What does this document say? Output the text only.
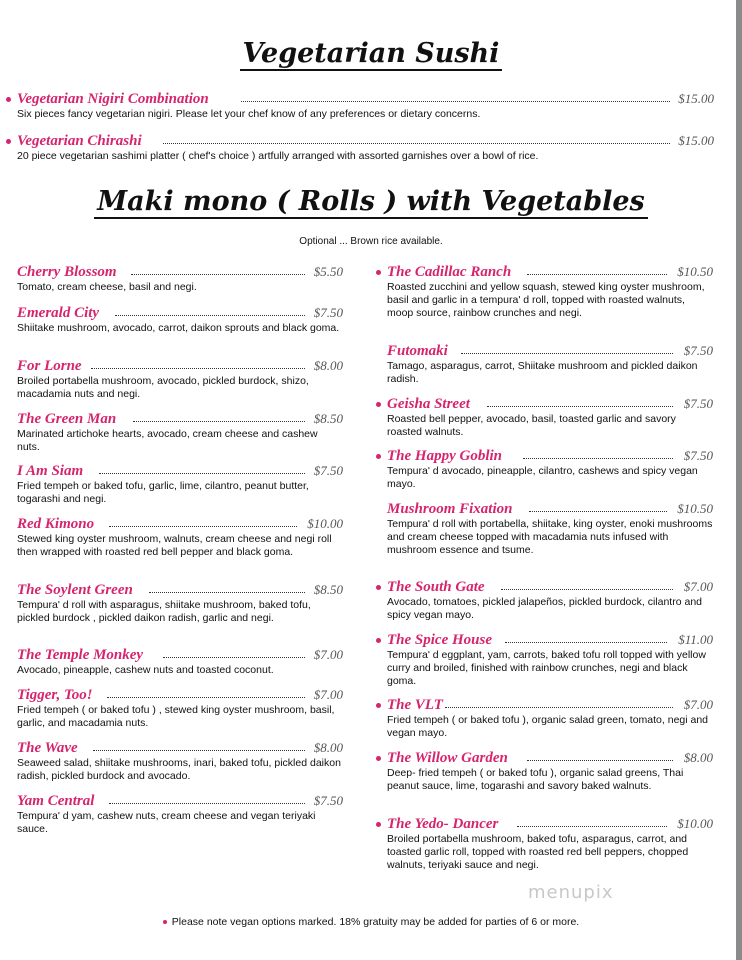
Vegetarian Sushi
Vegetarian Nigiri Combination	$15.00
Six pieces fancy vegetarian nigiri. Please let your chef know of any preferences or dietary concerns.
Vegetarian Chirashi	$15.00
20 piece vegetarian sashimi platter ( chef's choice ) artfully arranged with assorted garnishes over a bowl of rice.
Maki mono ( Rolls ) with Vegetables
Optional ... Brown rice available.
Cherry Blossom	$5.50
Tomato, cream cheese, basil and negi.
Emerald City	$7.50
Shiitake mushroom, avocado, carrot, daikon sprouts and black goma.
For Lorne	$8.00
Broiled portabella mushroom, avocado, pickled burdock, shizo, macadamia nuts and negi.
The Green Man	$8.50
Marinated artichoke hearts, avocado, cream cheese and cashew nuts.
I Am Siam	$7.50
Fried tempeh or baked tofu, garlic, lime, cilantro, peanut butter, togarashi and negi.
Red Kimono	$10.00
Stewed king oyster mushroom, walnuts, cream cheese and negi roll then wrapped with roasted red bell pepper and black goma.
The Soylent Green	$8.50
Tempura' d roll with asparagus, shiitake mushroom, baked tofu, pickled burdock , pickled daikon radish, garlic and negi.
The Temple Monkey	$7.00
Avocado, pineapple, cashew nuts and toasted coconut.
Tigger, Too!	$7.00
Fried tempeh ( or baked tofu ) , stewed king oyster mushroom, basil, garlic, and macadamia nuts.
The Wave	$8.00
Seaweed salad, shiitake mushrooms, inari, baked tofu, pickled daikon radish, pickled burdock and avocado.
Yam Central	$7.50
Tempura' d yam, cashew nuts, cream cheese and vegan teriyaki sauce.
The Cadillac Ranch	$10.50
Roasted zucchini and yellow squash, stewed king oyster mushroom, basil and garlic in a tempura' d roll, topped with roasted walnuts, moop source, rainbow crunches and negi.
Futomaki	$7.50
Tamago, asparagus, carrot, Shiitake mushroom and pickled daikon radish.
Geisha Street	$7.50
Roasted bell pepper, avocado, basil, toasted garlic and savory roasted walnuts.
The Happy Goblin	$7.50
Tempura' d avocado, pineapple, cilantro, cashews and spicy vegan mayo.
Mushroom Fixation	$10.50
Tempura' d roll with portabella, shiitake, king oyster, enoki mushrooms and cream cheese topped with macadamia nuts infused with mushroom essence and tsume.
The South Gate	$7.00
Avocado, tomatoes, pickled jalapeños, pickled burdock, cilantro and spicy vegan mayo.
The Spice House	$11.00
Tempura' d eggplant, yam, carrots, baked tofu roll topped with yellow curry and broiled, finished with rainbow crunches, negi and black goma.
The VLT	$7.00
Fried tempeh ( or baked tofu ), organic salad green, tomato, negi and vegan mayo.
The Willow Garden	$8.00
Deep- fried tempeh ( or baked tofu ), organic salad greens, Thai peanut sauce, lime, togarashi and savory baked walnuts.
The Yedo- Dancer	$10.00
Broiled portabella mushroom, baked tofu, asparagus, carrot, and toasted garlic roll, topped with roasted red bell peppers, chopped walnuts, teriyaki sauce and negi.
menupix
Please note vegan options marked. 18% gratuity may be added for parties of 6 or more.
